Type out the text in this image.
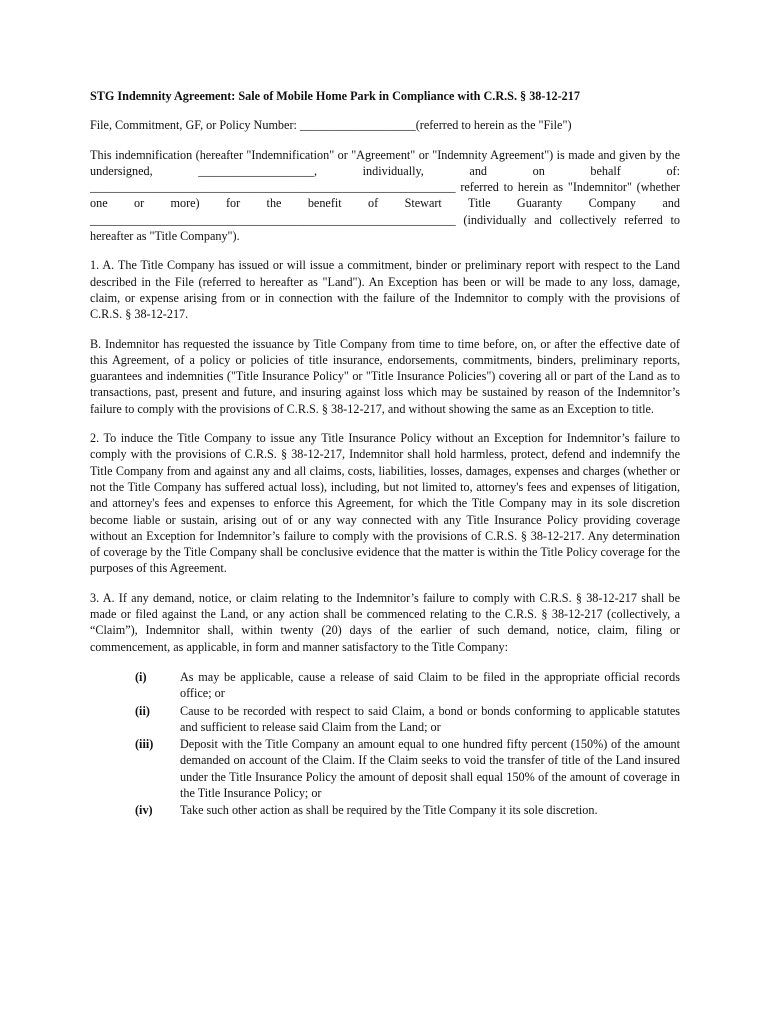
STG Indemnity Agreement: Sale of Mobile Home Park in Compliance with C.R.S. § 38-12-217
File, Commitment, GF, or Policy Number: ___________________(referred to herein as the "File")
This indemnification (hereafter "Indemnification" or "Agreement" or "Indemnity Agreement") is made and given by the undersigned, ___________________, individually, and on behalf of: ____________________________________________________________ referred to herein as "Indemnitor" (whether one or more) for the benefit of Stewart Title Guaranty Company and ____________________________________________________________ (individually and collectively referred to hereafter as "Title Company").
1. A. The Title Company has issued or will issue a commitment, binder or preliminary report with respect to the Land described in the File (referred to hereafter as "Land"). An Exception has been or will be made to any loss, damage, claim, or expense arising from or in connection with the failure of the Indemnitor to comply with the provisions of C.R.S. § 38-12-217.
B. Indemnitor has requested the issuance by Title Company from time to time before, on, or after the effective date of this Agreement, of a policy or policies of title insurance, endorsements, commitments, binders, preliminary reports, guarantees and indemnities ("Title Insurance Policy" or "Title Insurance Policies") covering all or part of the Land as to transactions, past, present and future, and insuring against loss which may be sustained by reason of the Indemnitor’s failure to comply with the provisions of C.R.S. § 38-12-217, and without showing the same as an Exception to title.
2. To induce the Title Company to issue any Title Insurance Policy without an Exception for Indemnitor’s failure to comply with the provisions of C.R.S. § 38-12-217, Indemnitor shall hold harmless, protect, defend and indemnify the Title Company from and against any and all claims, costs, liabilities, losses, damages, expenses and charges (whether or not the Title Company has suffered actual loss), including, but not limited to, attorney's fees and expenses of litigation, and attorney's fees and expenses to enforce this Agreement, for which the Title Company may in its sole discretion become liable or sustain, arising out of or any way connected with any Title Insurance Policy providing coverage without an Exception for Indemnitor’s failure to comply with the provisions of C.R.S. § 38-12-217. Any determination of coverage by the Title Company shall be conclusive evidence that the matter is within the Title Policy coverage for the purposes of this Agreement.
3. A. If any demand, notice, or claim relating to the Indemnitor’s failure to comply with C.R.S. § 38-12-217 shall be made or filed against the Land, or any action shall be commenced relating to the C.R.S. § 38-12-217 (collectively, a “Claim”), Indemnitor shall, within twenty (20) days of the earlier of such demand, notice, claim, filing or commencement, as applicable, in form and manner satisfactory to the Title Company:
(i)	As may be applicable, cause a release of said Claim to be filed in the appropriate official records office; or
(ii) Cause to be recorded with respect to said Claim, a bond or bonds conforming to applicable statutes and sufficient to release said Claim from the Land; or
(iii) Deposit with the Title Company an amount equal to one hundred fifty percent (150%) of the amount demanded on account of the Claim. If the Claim seeks to void the transfer of title of the Land insured under the Title Insurance Policy the amount of deposit shall equal 150% of the amount of coverage in the Title Insurance Policy; or
(iv) Take such other action as shall be required by the Title Company it its sole discretion.
